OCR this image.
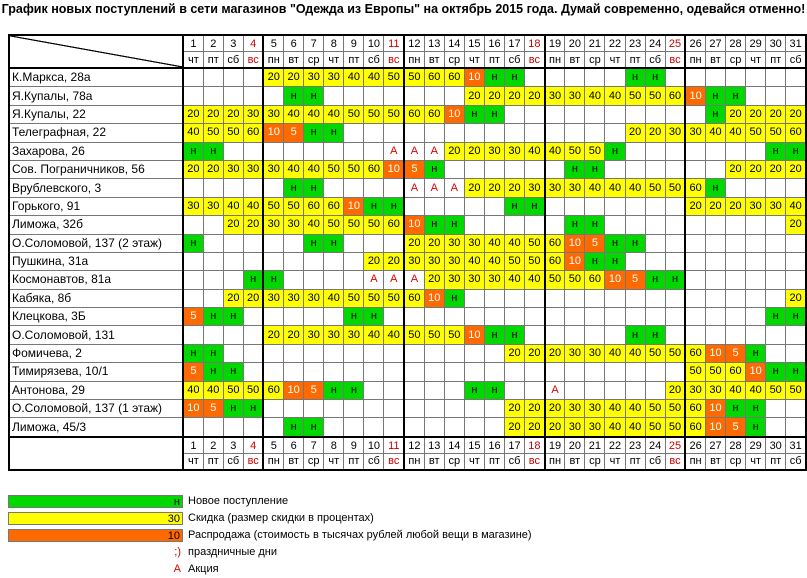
График новых поступлений в сети магазинов "Одежда из Европы" на октябрь 2015 года. Думай современно, одевайся отменно!
	1	2	3	4	5	6	7	8	9	10	11	12	13	14	15	16	17	18	19	20	21	22	23	24	25	26	27	28	29	30	31
	чт	пт	сб	вс	пн	вт	ср	чт	пт	сб	вс	пн	вт	ср	чт	пт	сб	вс	пн	вт	ср	чт	пт	сб	вс	пн	вт	ср	чт	пт	сб
К.Маркса, 28а					20	20	30	30	40	40	50	50	60	60	10	н	н						н	н							
Я.Купалы, 78а						н	н								20	20	20	20	30	30	40	40	50	50	60	10	н	н			
Я.Купалы, 22	20	20	20	30	30	40	40	40	50	50	50	60	60	10	н	н											н	20	20	20	20
Телеграфная, 22	40	50	50	60	10	5	н	н															20	20	30	30	40	40	50	50	60
Захарова, 26	н	н									А	А	А	20	20	30	30	40	40	50	50	н								н	н
Сов. Пограничников, 56	20	20	30	30	30	40	40	50	50	60	10	5	н							н	н							20	20	20	20
Врублевского, 3						н	н					А	А	А	20	20	20	30	30	30	40	40	40	50	50	60	н				
Горького, 91	30	30	40	40	50	50	60	60	10	н	н						н	н								20	20	20	30	30	40
Лиможа, 32б			20	20	30	30	40	50	50	50	60	10	н	н						н	н										20
О.Соломовой, 137 (2 этаж)	н						н	н				20	20	30	30	40	40	50	60	10	5	н	н								
Пушкина, 31а										20	20	30	30	30	40	40	50	50	60	10	н	н									
Космонавтов, 81а				н	н					А	А	А	20	30	30	30	40	40	50	50	60	10	5	н	н						
Кабяка, 8б			20	20	30	30	30	40	50	50	50	60	10	н																	20
Клецкова, 3Б	5	н	н						н	н																				н	н
О.Соломовой, 131					20	20	30	30	30	40	40	50	50	50	10	н	н						н	н							
Фомичева, 2	н	н															20	20	20	30	30	40	40	50	50	60	10	5	н		
Тимирязева, 10/1	5	н	н																							50	50	60	10	н	н
Антонова, 29	40	40	50	50	60	10	5	н	н						н	н			А						20	30	30	40	40	50	50
О.Соломовой, 137 (1 этаж)	10	5	н	н													20	20	20	30	30	40	40	50	50	60	10	н	н		
Лиможа, 45/3						н	н										20	20	20	30	30	40	40	50	50	60	10	5	н		
	1	2	3	4	5	6	7	8	9	10	11	12	13	14	15	16	17	18	19	20	21	22	23	24	25	26	27	28	29	30	31
	чт	пт	сб	вс	пн	вт	ср	чт	пт	сб	вс	пн	вт	ср	чт	пт	сб	вс	пн	вт	ср	чт	пт	сб	вс	пн	вт	ср	чт	пт	сб
н Новое поступление
30 Скидка (размер скидки в процентах)
10 Распродажа (стоимость в тысячах рублей любой вещи в магазине)
;) праздничные дни
А Акция
